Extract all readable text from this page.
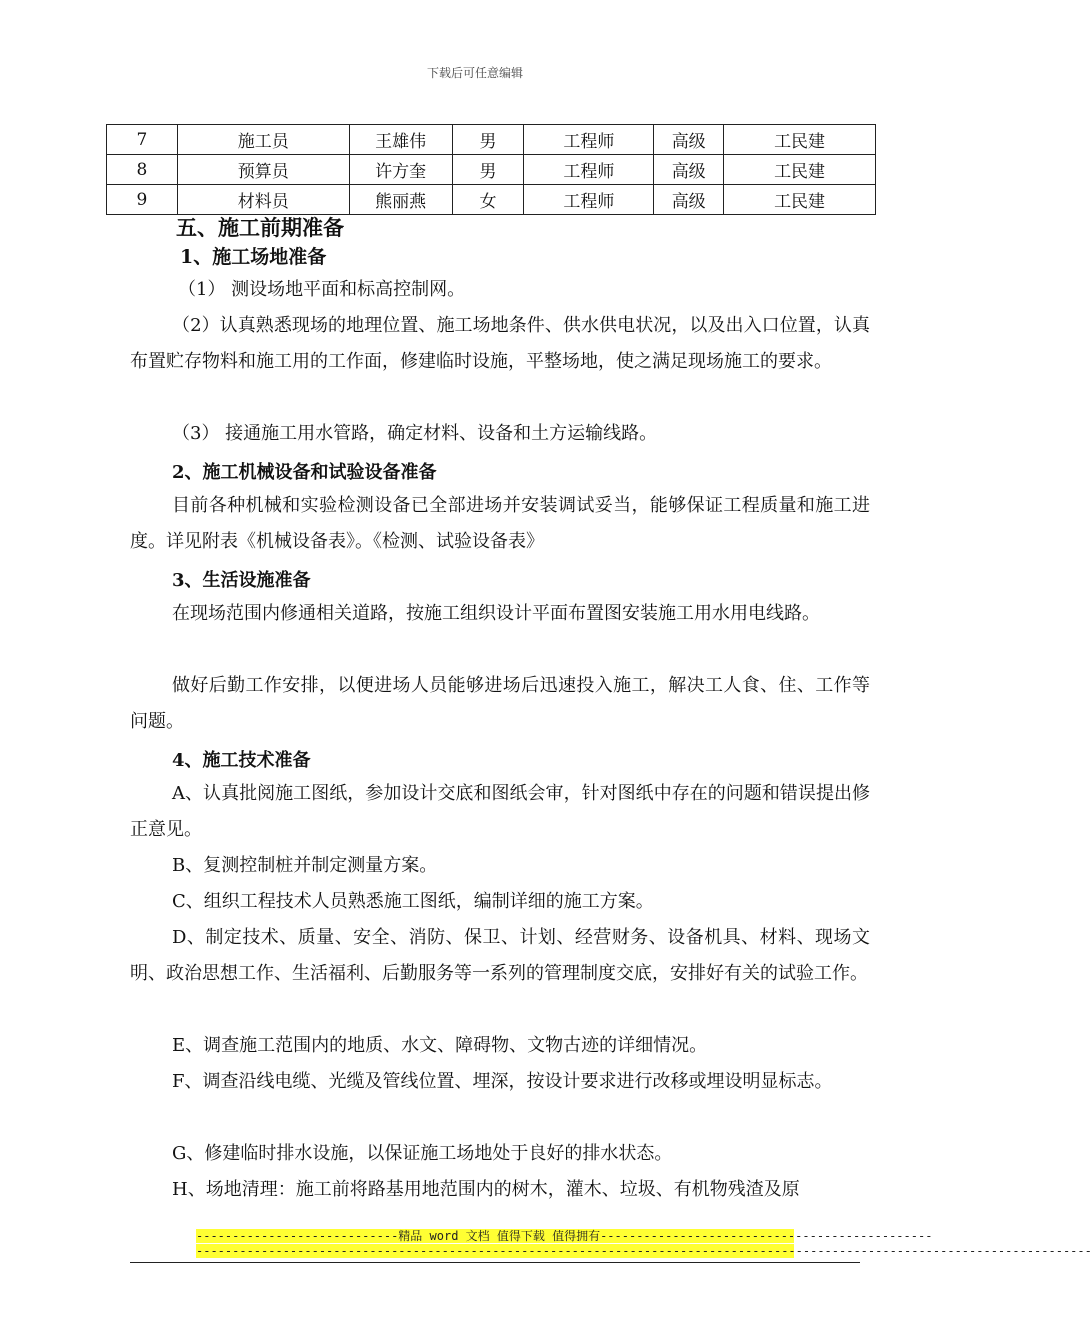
下载后可任意编辑
7	施工员	王雄伟	男	工程师	高级	工民建
8	预算员	许方奎	男	工程师	高级	工民建
9	材料员	熊丽燕	女	工程师	高级	工民建
五、施工前期准备
1、施工场地准备
（1） 测设场地平面和标高控制网。
（2）认真熟悉现场的地理位置、施工场地条件、供水供电状况，以及出入口位置，认真布置贮存物料和施工用的工作面，修建临时设施，平整场地，使之满足现场施工的要求。
（3） 接通施工用水管路，确定材料、设备和土方运输线路。
2、施工机械设备和试验设备准备
目前各种机械和实验检测设备已全部进场并安装调试妥当，能够保证工程质量和施工进度。详见附表《机械设备表》。《检测、试验设备表》
3、生活设施准备
在现场范围内修通相关道路，按施工组织设计平面布置图安装施工用水用电线路。
做好后勤工作安排，以便进场人员能够进场后迅速投入施工，解决工人食、住、工作等问题。
4、施工技术准备
A、认真批阅施工图纸，参加设计交底和图纸会审，针对图纸中存在的问题和错误提出修正意见。
B、复测控制桩并制定测量方案。
C、组织工程技术人员熟悉施工图纸，编制详细的施工方案。
D、制定技术、质量、安全、消防、保卫、计划、经营财务、设备机具、材料、现场文明、政治思想工作、生活福利、后勤服务等一系列的管理制度交底，安排好有关的试验工作。
E、调查施工范围内的地质、水文、障碍物、文物古迹的详细情况。
F、调查沿线电缆、光缆及管线位置、埋深，按设计要求进行改移或埋设明显标志。
G、修建临时排水设施，以保证施工场地处于良好的排水状态。
H、场地清理：施工前将路基用地范围内的树木，灌木、垃圾、有机物残渣及原
----------------------------精品 word 文档 值得下载 值得拥有----------------------------------------------
----------------------------------------------------------------------------------------------------------------------------
